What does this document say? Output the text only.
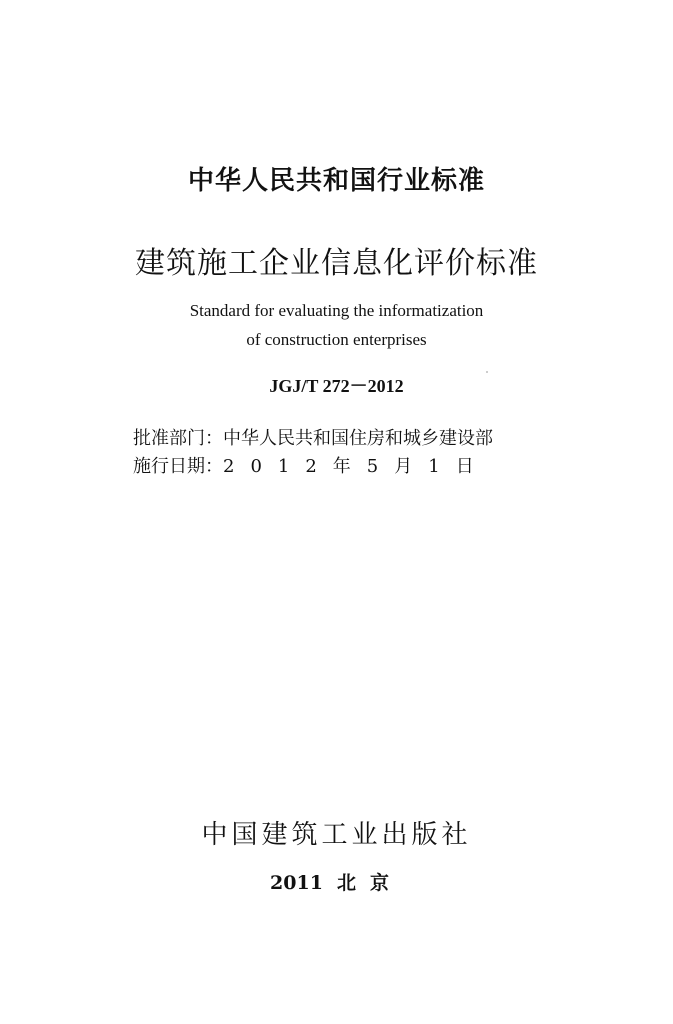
中华人民共和国行业标准
建筑施工企业信息化评价标准
Standard for evaluating the informatization
of construction enterprises
JGJ/T 272－2012
批准部门：中华人民共和国住房和城乡建设部
施行日期：2012年5月1日
中国建筑工业出版社
2011 北京
